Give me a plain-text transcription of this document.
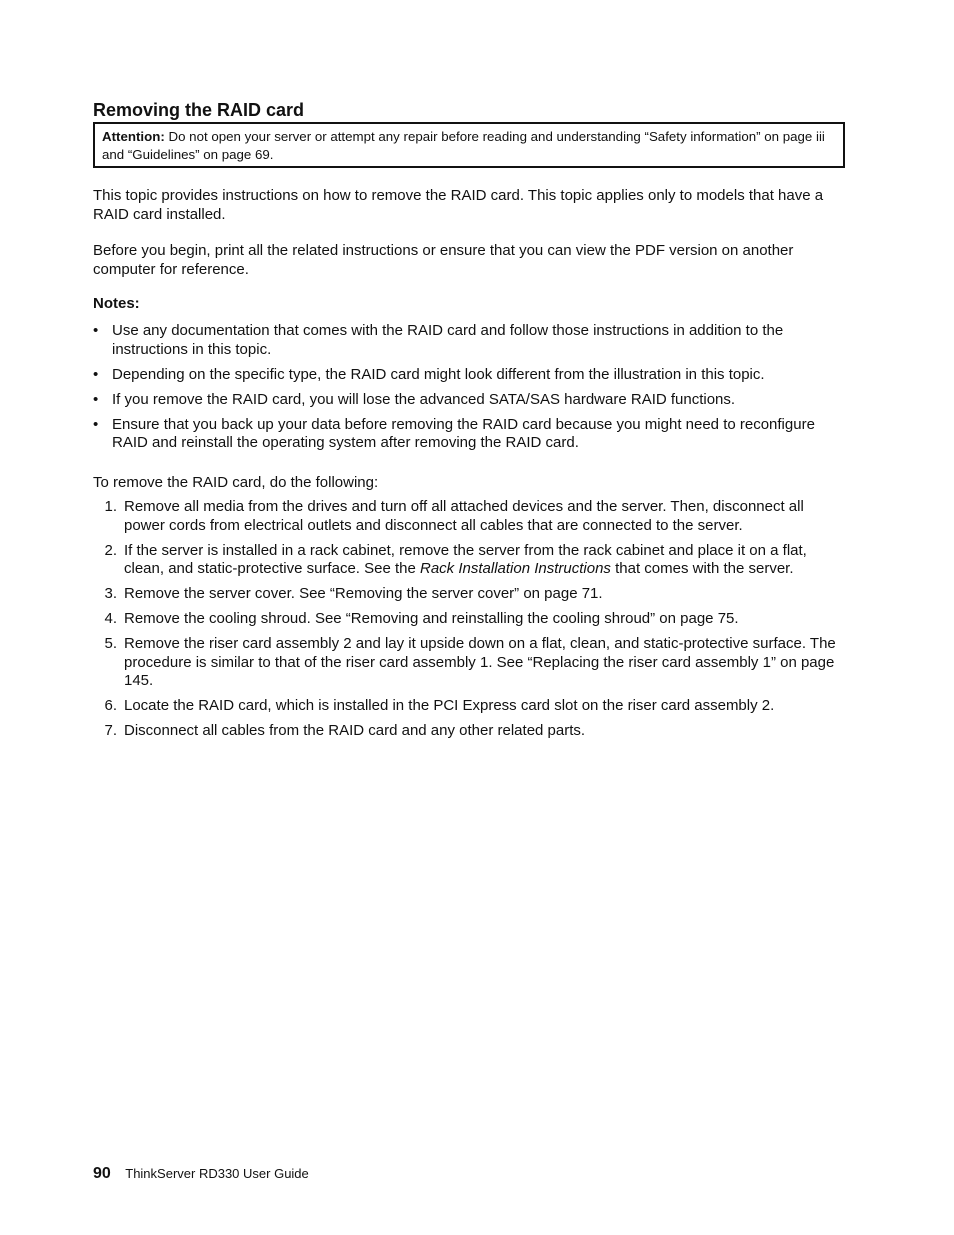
Removing the RAID card
Attention: Do not open your server or attempt any repair before reading and understanding “Safety information” on page iii and “Guidelines” on page 69.

This topic provides instructions on how to remove the RAID card. This topic applies only to models that have a RAID card installed.

Before you begin, print all the related instructions or ensure that you can view the PDF version on another computer for reference.

Notes:

• Use any documentation that comes with the RAID card and follow those instructions in addition to the instructions in this topic.
• Depending on the specific type, the RAID card might look different from the illustration in this topic.
• If you remove the RAID card, you will lose the advanced SATA/SAS hardware RAID functions.
• Ensure that you back up your data before removing the RAID card because you might need to reconfigure RAID and reinstall the operating system after removing the RAID card.

To remove the RAID card, do the following:

1. Remove all media from the drives and turn off all attached devices and the server. Then, disconnect all power cords from electrical outlets and disconnect all cables that are connected to the server.
2. If the server is installed in a rack cabinet, remove the server from the rack cabinet and place it on a flat, clean, and static-protective surface. See the Rack Installation Instructions that comes with the server.
3. Remove the server cover. See “Removing the server cover” on page 71.
4. Remove the cooling shroud. See “Removing and reinstalling the cooling shroud” on page 75.
5. Remove the riser card assembly 2 and lay it upside down on a flat, clean, and static-protective surface. The procedure is similar to that of the riser card assembly 1. See “Replacing the riser card assembly 1” on page 145.
6. Locate the RAID card, which is installed in the PCI Express card slot on the riser card assembly 2.
7. Disconnect all cables from the RAID card and any other related parts.
90 ThinkServer RD330 User Guide
